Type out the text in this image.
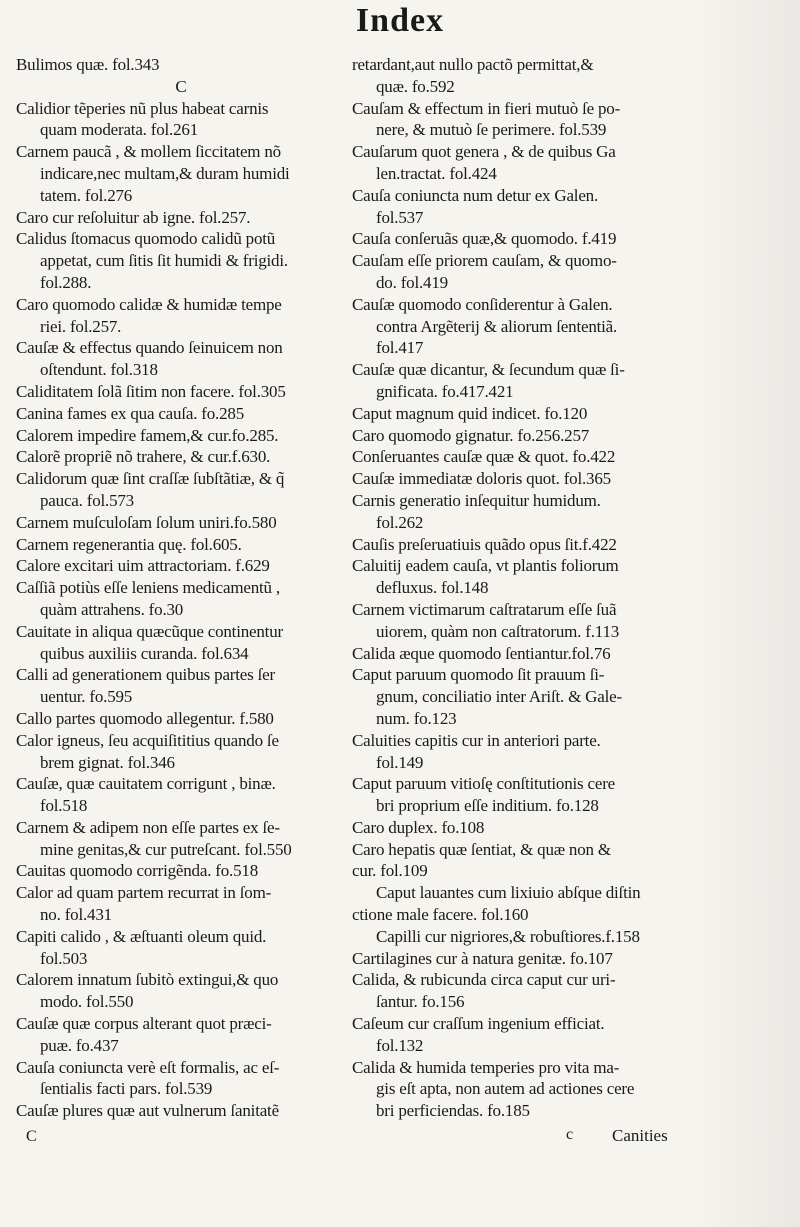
Index
Bulimos quæ. fol.343
C
Calidior tẽperies nũ plus habeat carnis
quam moderata. fol.261
Carnem paucã , & mollem ſiccitatem nõ
indicare,nec multam,& duram humidi
tatem. fol.276
Caro cur reſoluitur ab igne. fol.257.
Calidus ſtomacus quomodo calidũ potũ
appetat, cum ſitis ſit humidi & frigidi.
fol.288.
Caro quomodo calidæ & humidæ tempe
riei. fol.257.
Cauſæ & effectus quando ſeinuicem non
oſtendunt. fol.318
Caliditatem ſolã ſitim non facere. fol.305
Canina fames ex qua cauſa. fo.285
Calorem impedire famem,& cur.fo.285.
Calorẽ propriẽ nõ trahere, & cur.f.630.
Calidorum quæ ſint craſſæ ſubſtãtiæ, & q̃
pauca. fol.573
Carnem muſculoſam ſolum uniri.fo.580
Carnem regenerantia quę. fol.605.
Calore excitari uim attractoriam. f.629
Caſſiã potiùs eſſe leniens medicamentũ ,
quàm attrahens. fo.30
Cauitate in aliqua quæcũque continentur
quibus auxiliis curanda. fol.634
Calli ad generationem quibus partes ſer
uentur. fo.595
Callo partes quomodo allegentur. f.580
Calor igneus, ſeu acquiſititius quando ſe
brem gignat. fol.346
Cauſæ, quæ cauitatem corrigunt , binæ.
fol.518
Carnem & adipem non eſſe partes ex ſe-
mine genitas,& cur putreſcant. fol.550
Cauitas quomodo corrigẽnda. fo.518
Calor ad quam partem recurrat in ſom-
no. fol.431
Capiti calido , & æſtuanti oleum quid.
fol.503
Calorem innatum ſubitò extingui,& quo
modo. fol.550
Cauſæ quæ corpus alterant quot præci-
puæ. fo.437
Cauſa coniuncta verè eſt formalis, ac eſ-
ſentialis facti pars. fol.539
Cauſæ plures quæ aut vulnerum ſanitatẽ
retardant,aut nullo pactõ permittat,&
quæ. fo.592
Cauſam & effectum in fieri mutuò ſe po-
nere, & mutuò ſe perimere. fol.539
Cauſarum quot genera , & de quibus Ga
len.tractat. fol.424
Cauſa coniuncta num detur ex Galen.
fol.537
Cauſa conſeruãs quæ,& quomodo. f.419
Cauſam eſſe priorem cauſam, & quomo-
do. fol.419
Cauſæ quomodo conſiderentur à Galen.
contra Argẽterij & aliorum ſententiã.
fol.417
Cauſæ quæ dicantur, & ſecundum quæ ſi-
gnificata. fo.417.421
Caput magnum quid indicet. fo.120
Caro quomodo gignatur. fo.256.257
Conſeruantes cauſæ quæ & quot. fo.422
Cauſæ immediatæ doloris quot. fol.365
Carnis generatio inſequitur humidum.
fol.262
Cauſis preſeruatiuis quãdo opus ſit.f.422
Caluitij eadem cauſa, vt plantis foliorum
defluxus. fol.148
Carnem victimarum caſtratarum eſſe ſuã
uiorem, quàm non caſtratorum. f.113
Calida æque quomodo ſentiantur.fol.76
Caput paruum quomodo ſit prauum ſi-
gnum, conciliatio inter Ariſt. & Gale-
num. fo.123
Caluities capitis cur in anteriori parte.
fol.149
Caput paruum vitioſę conſtitutionis cere
bri proprium eſſe inditium. fo.128
Caro duplex. fo.108
Caro hepatis quæ ſentiat, & quæ non &
cur. fol.109
Caput lauantes cum lixiuio abſque diſtin
ctione male facere. fol.160
Capilli cur nigriores,& robuſtiores.f.158
Cartilagines cur à natura genitæ. fo.107
Calida, & rubicunda circa caput cur uri-
ſantur. fo.156
Caſeum cur craſſum ingenium efficiat.
fol.132
Calida & humida temperies pro vita ma-
gis eſt apta, non autem ad actiones cere
bri perficiendas. fo.185
C	c Canities
